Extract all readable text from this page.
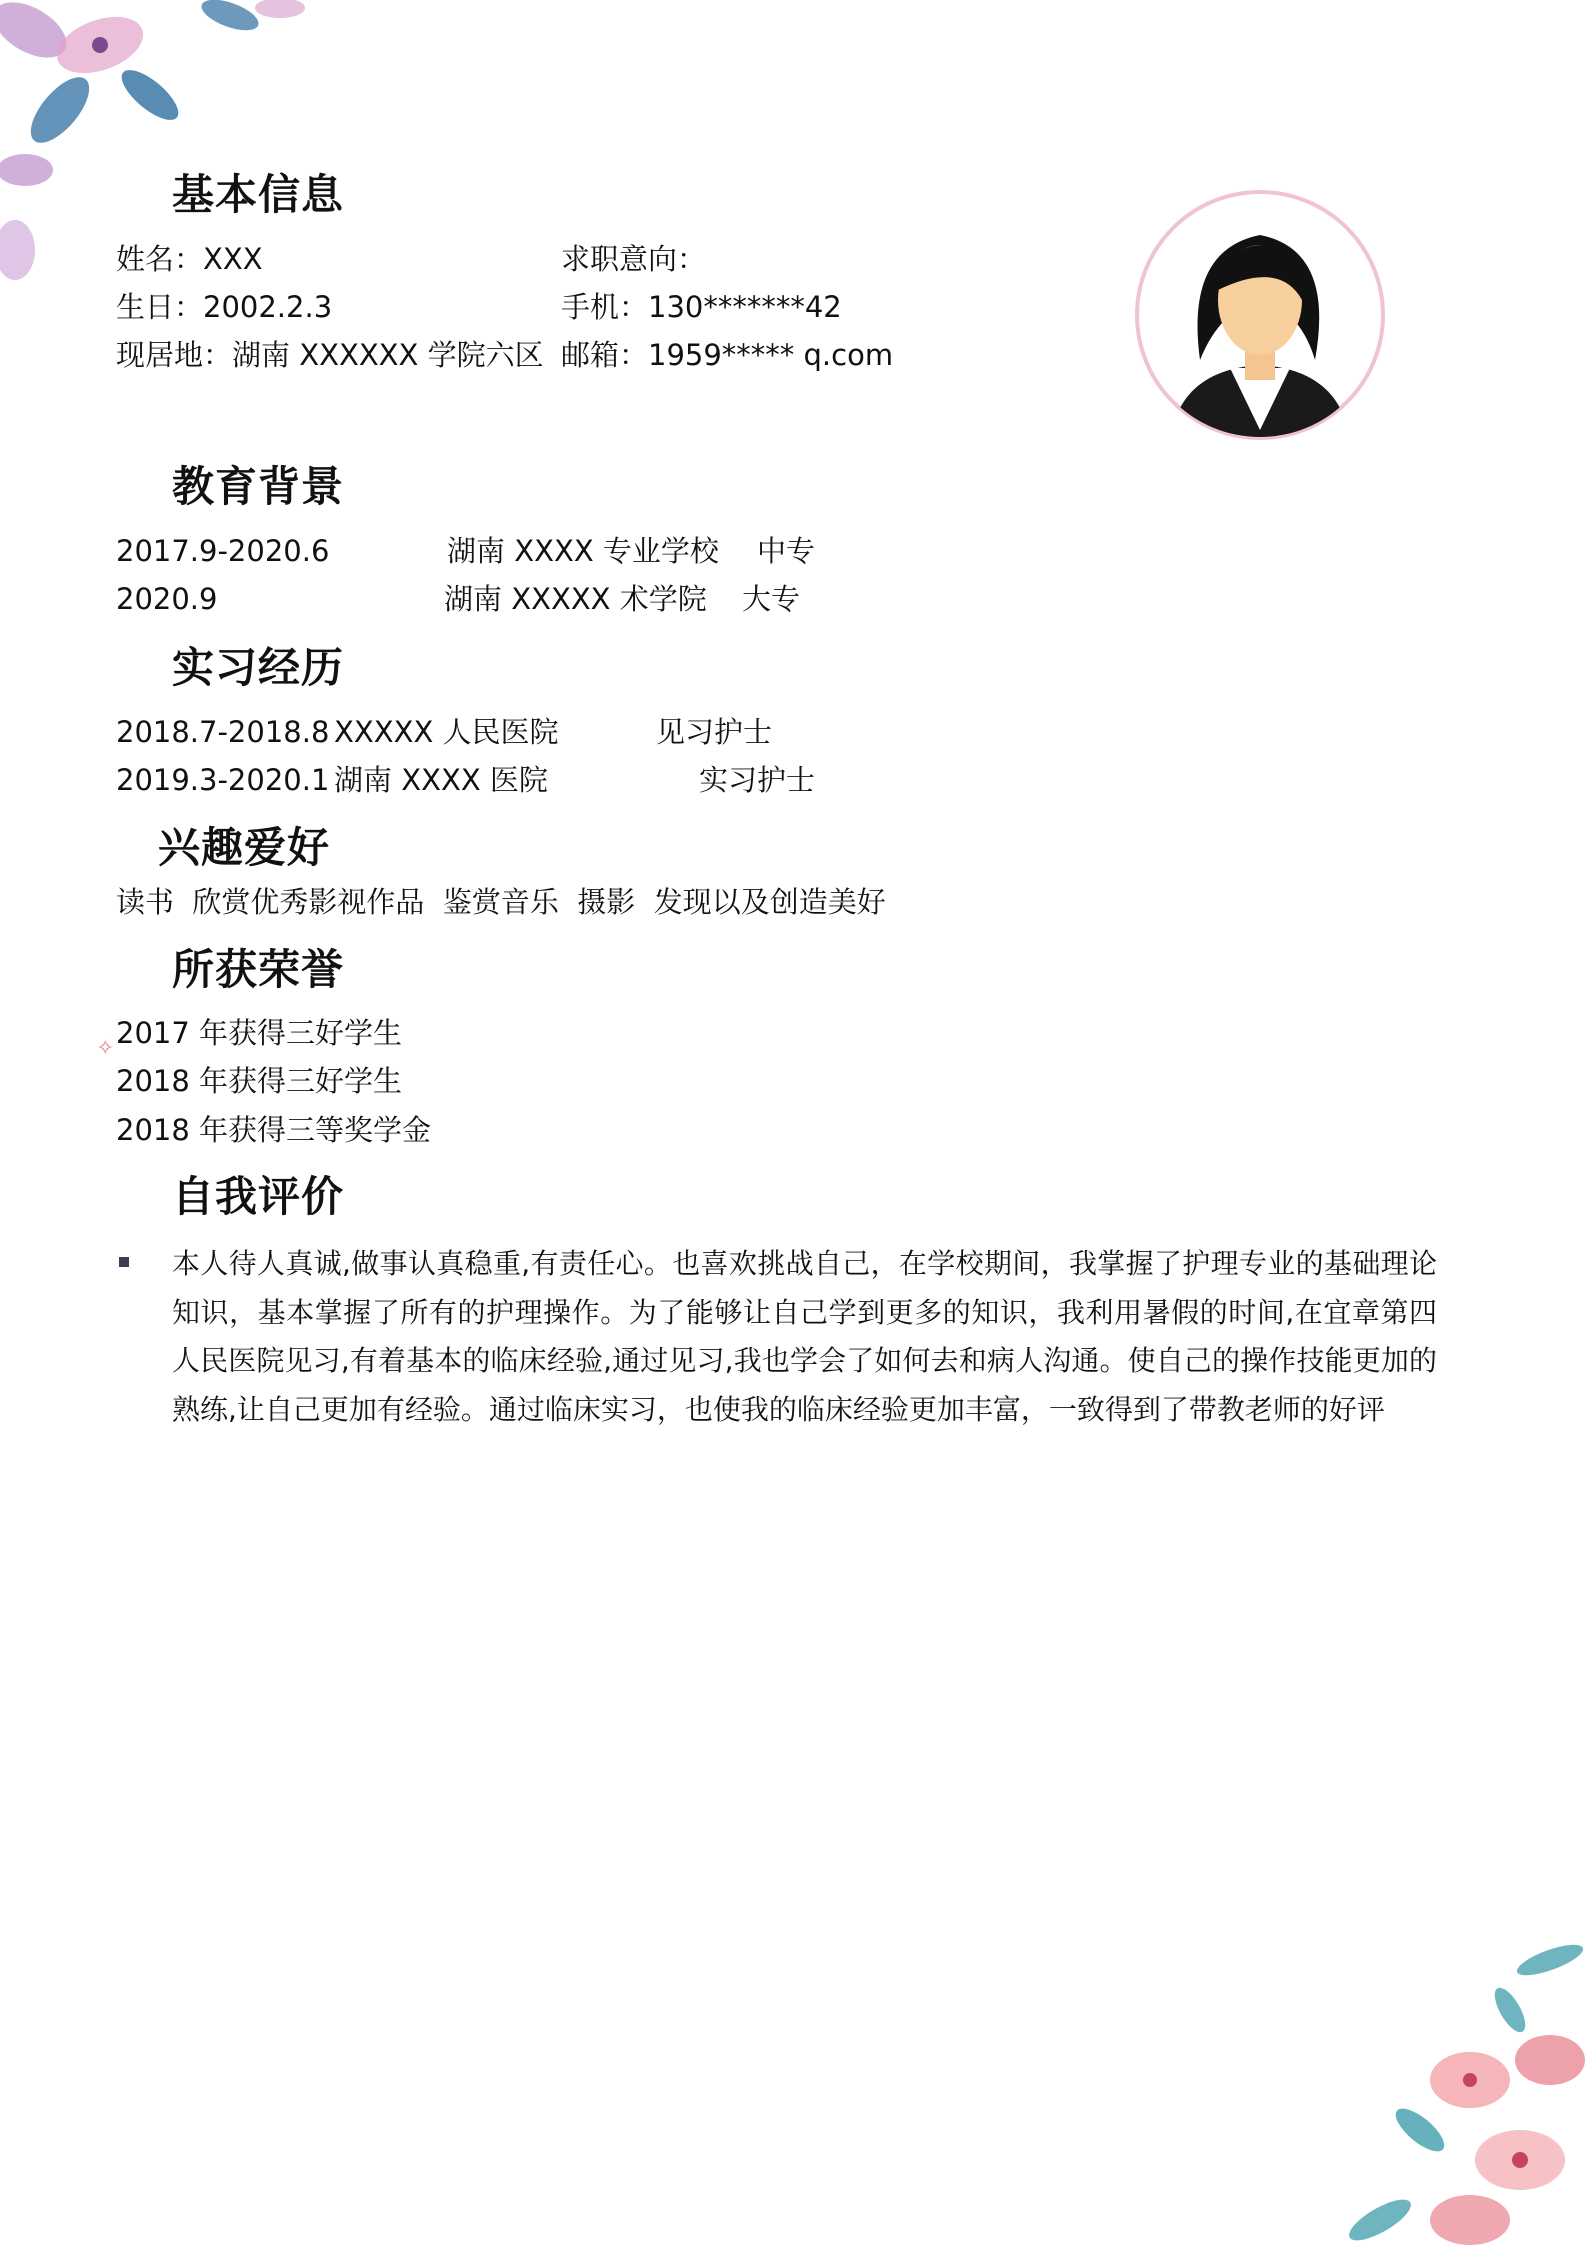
基本信息
姓名：XXX	求职意向：
生日：2002.2.3	手机：130*******42
现居地：湖南 XXXXXX 学院六区 邮箱：1959***** q.com
教育背景
2017.9-2020.6	湖南 XXXX 专业学校 中专
2020.9	湖南 XXXXX 术学院 大专
实习经历
2018.7-2018.8 XXXXX 人民医院	见习护士
2019.3-2020.1 湖南 XXXX 医院	实习护士
兴趣爱好
读书  欣赏优秀影视作品  鉴赏音乐  摄影  发现以及创造美好
所获荣誉
✧ 2017 年获得三好学生
2018 年获得三好学生
2018 年获得三等奖学金
自我评价
本人待人真诚,做事认真稳重,有责任心。也喜欢挑战自己，在学校期间，我掌握了护理专业的基础理论知识，基本掌握了所有的护理操作。为了能够让自己学到更多的知识，我利用暑假的时间,在宜章第四人民医院见习,有着基本的临床经验,通过见习,我也学会了如何去和病人沟通。使自己的操作技能更加的熟练,让自己更加有经验。通过临床实习，也使我的临床经验更加丰富，一致得到了带教老师的好评
